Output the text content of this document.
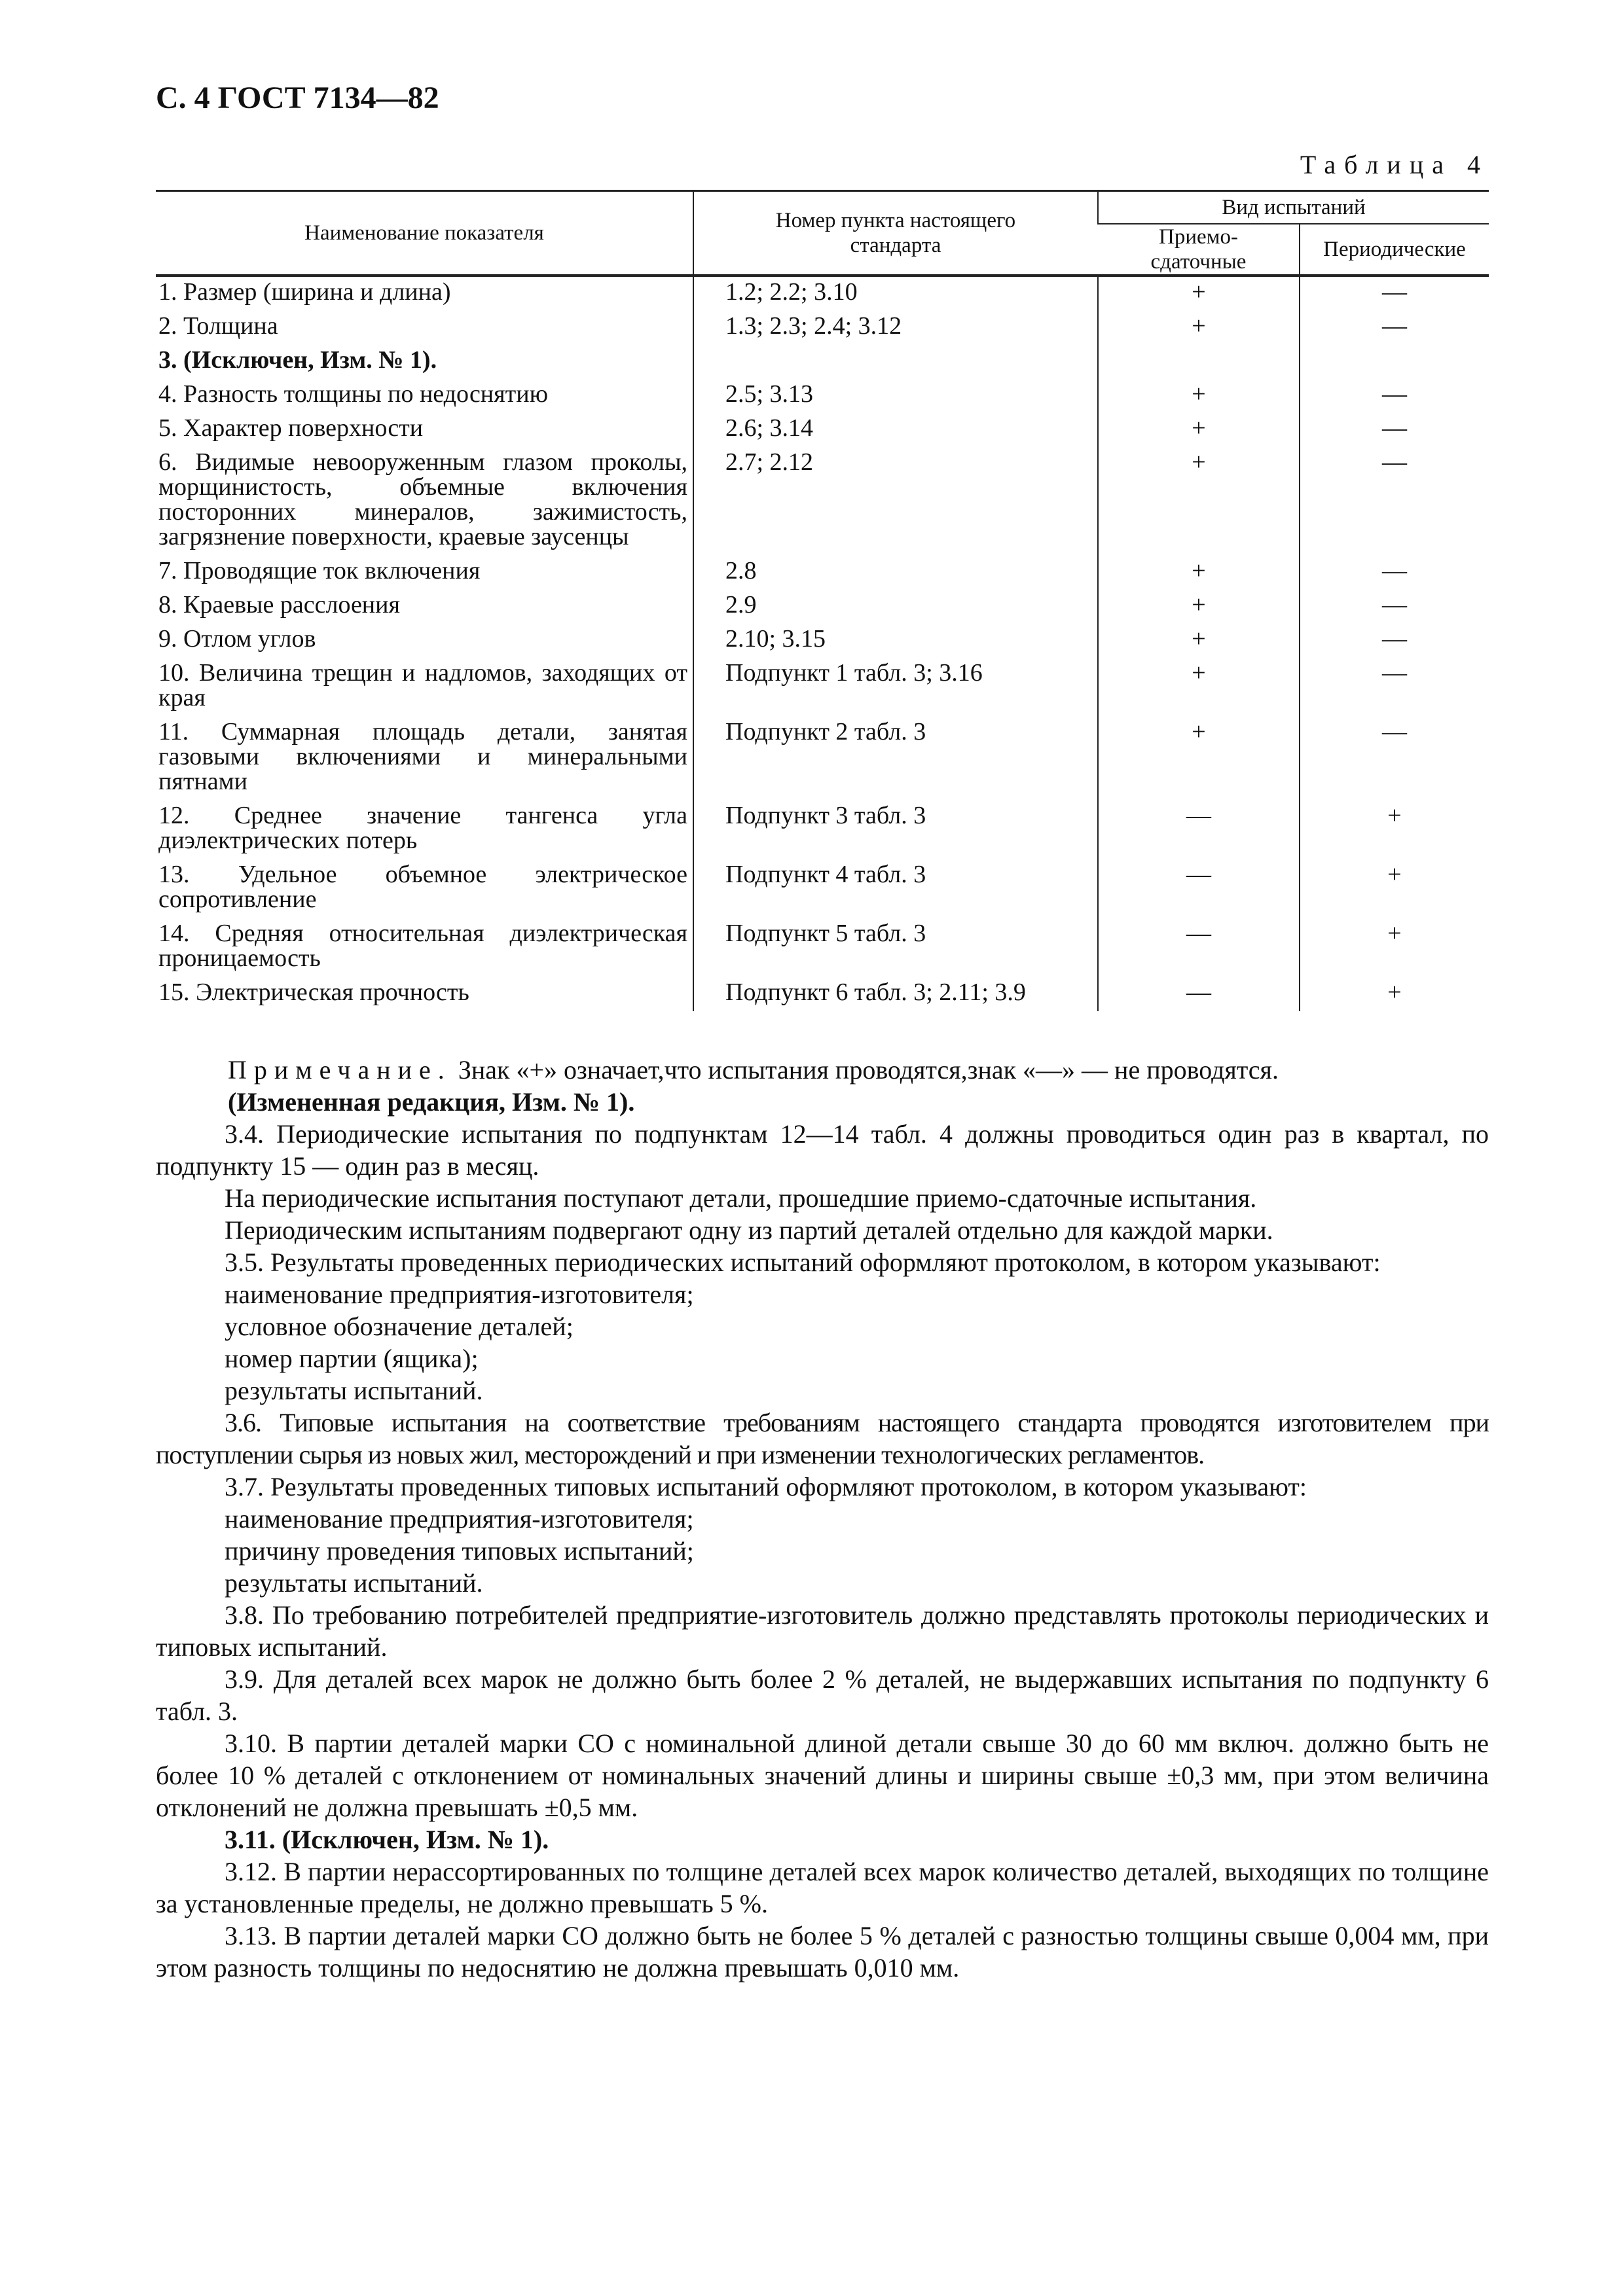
С. 4 ГОСТ 7134—82
Таблица 4
Наименование показателя	Номер пункта настоящего стандарта	Вид испытаний	
		Приемо-сдаточные	Периодические
1. Размер (ширина и длина)	1.2; 2.2; 3.10	+	—
2. Толщина	1.3; 2.3; 2.4; 3.12	+	—
3. (Исключен, Изм. № 1).			
4. Разность толщины по недоснятию	2.5; 3.13	+	—
5. Характер поверхности	2.6; 3.14	+	—
6. Видимые невооруженным глазом проколы, морщинистость, объемные включения посторонних минералов, зажимистость, загрязнение поверхности, краевые заусенцы	2.7; 2.12	+	—
7. Проводящие ток включения	2.8	+	—
8. Краевые расслоения	2.9	+	—
9. Отлом углов	2.10; 3.15	+	—
10. Величина трещин и надломов, заходящих от края	Подпункт 1 табл. 3; 3.16	+	—
11. Суммарная площадь детали, занятая газовыми включениями и минеральными пятнами	Подпункт 2 табл. 3	+	—
12. Среднее значение тангенса угла диэлектрических потерь	Подпункт 3 табл. 3	—	+
13. Удельное объемное электрическое сопротивление	Подпункт 4 табл. 3	—	+
14. Средняя относительная диэлектрическая проницаемость	Подпункт 5 табл. 3	—	+
15. Электрическая прочность	Подпункт 6 табл. 3; 2.11; 3.9	—	+

Примечание. Знак «+» означает,что испытания проводятся,знак «—» — не проводятся.

(Измененная редакция, Изм. № 1).

3.4. Периодические испытания по подпунктам 12—14 табл. 4 должны проводиться один раз в квартал, по подпункту 15 — один раз в месяц.

На периодические испытания поступают детали, прошедшие приемо-сдаточные испытания.

Периодическим испытаниям подвергают одну из партий деталей отдельно для каждой марки.

3.5. Результаты проведенных периодических испытаний оформляют протоколом, в котором указывают:

наименование предприятия-изготовителя;

условное обозначение деталей;

номер партии (ящика);

результаты испытаний.

3.6. Типовые испытания на соответствие требованиям настоящего стандарта проводятся изготовителем при поступлении сырья из новых жил, месторождений и при изменении технологических регламентов.

3.7. Результаты проведенных типовых испытаний оформляют протоколом, в котором указывают:

наименование предприятия-изготовителя;

причину проведения типовых испытаний;

результаты испытаний.

3.8. По требованию потребителей предприятие-изготовитель должно представлять протоколы периодических и типовых испытаний.

3.9. Для деталей всех марок не должно быть более 2 % деталей, не выдержавших испытания по подпункту 6 табл. 3.

3.10. В партии деталей марки СО с номинальной длиной детали свыше 30 до 60 мм включ. должно быть не более 10 % деталей с отклонением от номинальных значений длины и ширины свыше ±0,3 мм, при этом величина отклонений не должна превышать ±0,5 мм.

3.11. (Исключен, Изм. № 1).

3.12. В партии нерассортированных по толщине деталей всех марок количество деталей, выходящих по толщине за установленные пределы, не должно превышать 5 %.

3.13. В партии деталей марки СО должно быть не более 5 % деталей с разностью толщины свыше 0,004 мм, при этом разность толщины по недоснятию не должна превышать 0,010 мм.
